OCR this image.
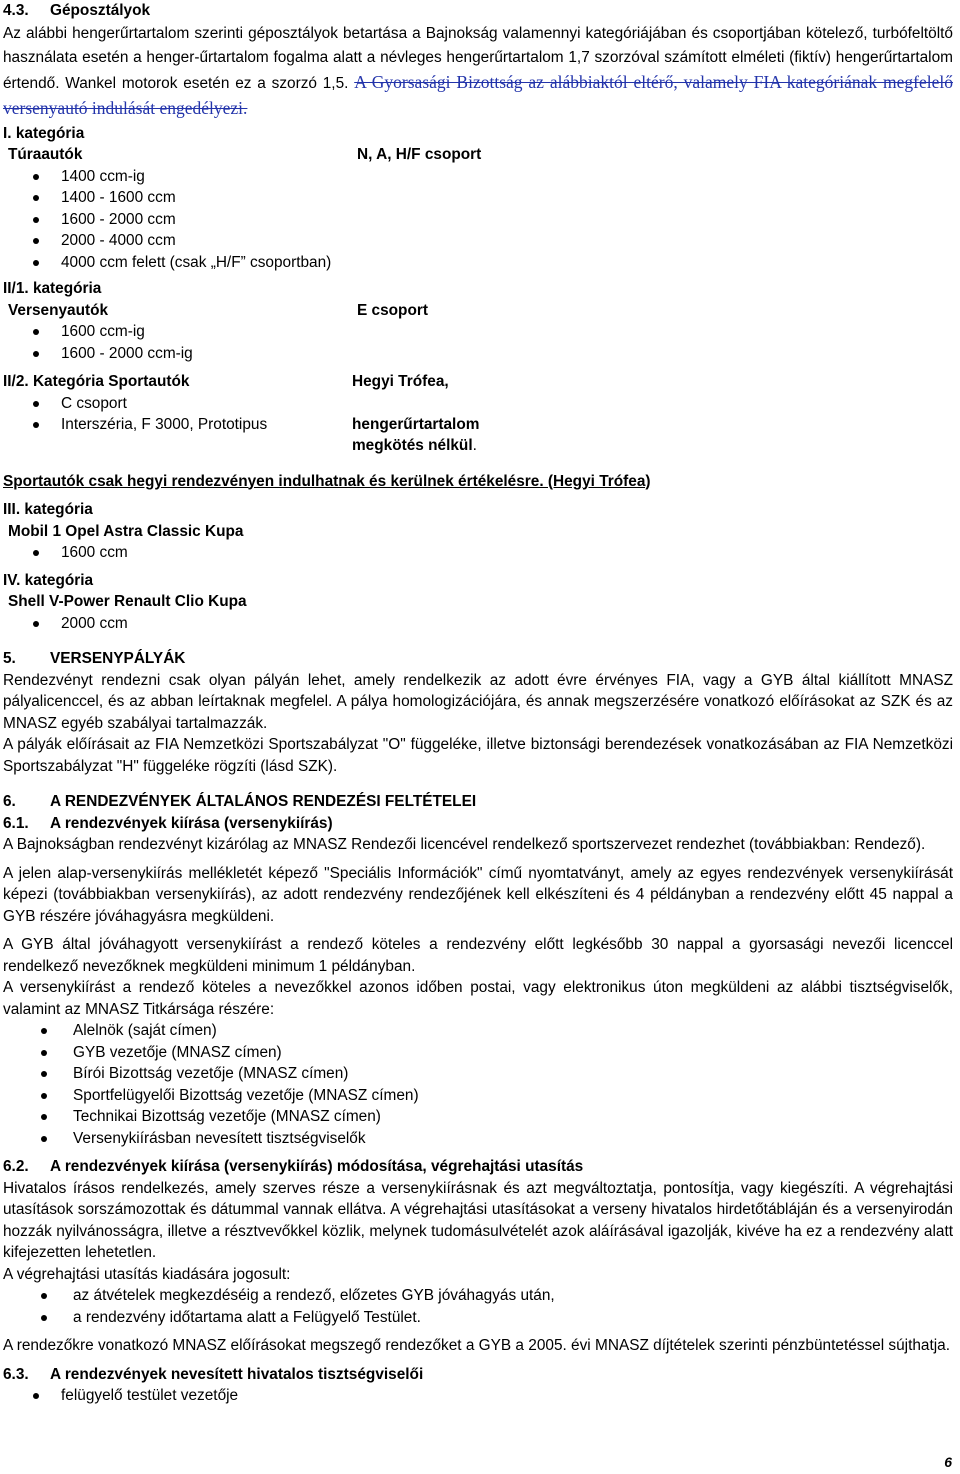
4.3.	Géposztályok

Az alábbi hengerűrtartalom szerinti géposztályok betartása a Bajnokság valamennyi kategóriájában és csoportjában kötelező, turbófeltöltő használata esetén a henger-űrtartalom fogalma alatt a névleges hengerűrtartalom 1,7 szorzóval számított elméleti (fiktív) hengerűrtartalom értendő. Wankel motorok esetén ez a szorzó 1,5. A Gyorsasági Bizottság az alábbiaktól eltérő, valamely FIA kategóriának megfelelő versenyautó indulását engedélyezi.

I. kategória

Túraautók	N, A, H/F csoport
1400 ccm-ig
1400 - 1600 ccm
1600 - 2000 ccm
2000 - 4000 ccm
4000 ccm felett (csak „H/F” csoportban)

II/1. kategória

Versenyautók	E csoport
1600 ccm-ig
1600 - 2000 ccm-ig

II/2. Kategória Sportautók

C csoport
Interszéria, F 3000, Prototipus

Hegyi Trófea,

hengerűrtartalom megkötés nélkül.

Sportautók csak hegyi rendezvényen indulhatnak és kerülnek értékelésre. (Hegyi Trófea)

III. kategória

Mobil 1 Opel Astra Classic Kupa

1600 ccm

IV. kategória

Shell V-Power Renault Clio Kupa

2000 ccm
5.	VERSENYPÁLYÁK

Rendezvényt rendezni csak olyan pályán lehet, amely rendelkezik az adott évre érvényes FIA, vagy a GYB által kiállított MNASZ pályalicenccel, és az abban leírtaknak megfelel. A pálya homologizációjára, és annak megszerzésére vonatkozó előírásokat az SZK és az MNASZ egyéb szabályai tartalmazzák.

A pályák előírásait az FIA Nemzetközi Sportszabályzat "O" függeléke, illetve biztonsági berendezések vonatkozásában az FIA Nemzetközi Sportszabályzat "H" függeléke rögzíti (lásd SZK).

6.	A RENDEZVÉNYEK ÁLTALÁNOS RENDEZÉSI FELTÉTELEI
6.1.	A rendezvények kiírása (versenykiírás)

A Bajnokságban rendezvényt kizárólag az MNASZ Rendezői licencével rendelkező sportszervezet rendezhet (továbbiakban: Rendező).

A jelen alap-versenykiírás mellékletét képező "Speciális Információk" című nyomtatványt, amely az egyes rendezvények versenykiírását képezi (továbbiakban versenykiírás), az adott rendezvény rendezőjének kell elkészíteni és 4 példányban a rendezvény előtt 45 nappal a GYB részére jóváhagyásra megküldeni.

A GYB által jóváhagyott versenykiírást a rendező köteles a rendezvény előtt legkésőbb 30 nappal a gyorsasági nevezői licenccel rendelkező nevezőknek megküldeni minimum 1 példányban.

A versenykiírást a rendező köteles a nevezőkkel azonos időben postai, vagy elektronikus úton megküldeni az alábbi tisztségviselők, valamint az MNASZ Titkársága részére:

Alelnök (saját címen)
GYB vezetője (MNASZ címen)
Bírói Bizottság vezetője (MNASZ címen)
Sportfelügyelői Bizottság vezetője (MNASZ címen)
Technikai Bizottság vezetője (MNASZ címen)
Versenykiírásban nevesített tisztségviselők
6.2.	A rendezvények kiírása (versenykiírás) módosítása, végrehajtási utasítás

Hivatalos írásos rendelkezés, amely szerves része a versenykiírásnak és azt megváltoztatja, pontosítja, vagy kiegészíti. A végrehajtási utasítások sorszámozottak és dátummal vannak ellátva. A végrehajtási utasításokat a verseny hivatalos hirdetőtábláján és a versenyirodán hozzák nyilvánosságra, illetve a résztvevőkkel közlik, melynek tudomásulvételét azok aláírásával igazolják, kivéve ha ez a rendezvény alatt kifejezetten lehetetlen.

A végrehajtási utasítás kiadására jogosult:

az átvételek megkezdéséig a rendező, előzetes GYB jóváhagyás után,
a rendezvény időtartama alatt a Felügyelő Testület.

A rendezőkre vonatkozó MNASZ előírásokat megszegő rendezőket a GYB a 2005. évi MNASZ díjtételek szerinti pénzbüntetéssel sújthatja.

6.3.	A rendezvények nevesített hivatalos tisztségviselői
felügyelő testület vezetője
6
